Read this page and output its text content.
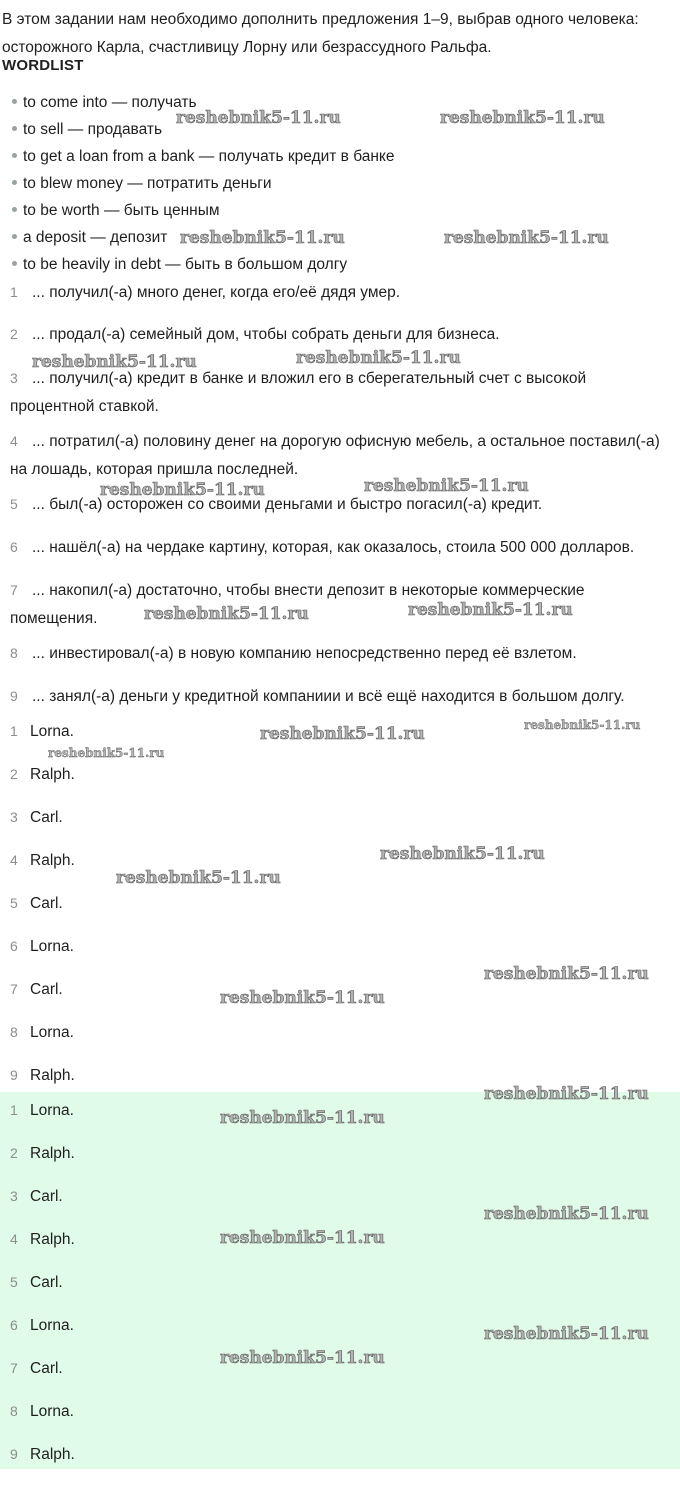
В этом задании нам необходимо дополнить предложения 1–9, выбрав одного человека: осторожного Карла, счастливицу Лорну или безрассудного Ральфа.

WORDLIST

to come into — получать
to sell — продавать
to get a loan from a bank — получать кредит в банке
to blew money — потратить деньги
to be worth — быть ценным
a deposit — депозит
to be heavily in debt — быть в большом долгу

1 ... получил(-а) много денег, когда его/её дядя умер.

2 ... продал(-а) семейный дом, чтобы собрать деньги для бизнеса.

3 ... получил(-а) кредит в банке и вложил его в сберегательный счет с высокой процентной ставкой.

4 ... потратил(-а) половину денег на дорогую офисную мебель, а остальное поставил(-а) на лошадь, которая пришла последней.

5 ... был(-а) осторожен со своими деньгами и быстро погасил(-а) кредит.

6 ... нашёл(-а) на чердаке картину, которая, как оказалось, стоила 500 000 долларов.

7 ... накопил(-а) достаточно, чтобы внести депозит в некоторые коммерческие помещения.

8 ... инвестировал(-а) в новую компанию непосредственно перед её взлетом.

9 ... занял(-а) деньги у кредитной компаниии и всё ещё находится в большом долгу.

1 Lorna.
2 Ralph.
3 Carl.
4 Ralph.
5 Carl.
6 Lorna.
7 Carl.
8 Lorna.
9 Ralph.
1 Lorna.
2 Ralph.
3 Carl.
4 Ralph.
5 Carl.
6 Lorna.
7 Carl.
8 Lorna.
9 Ralph.
reshebnik5-11.ru	reshebnik5-11.ru
reshebnik5-11.ru	reshebnik5-11.ru
reshebnik5-11.ru	reshebnik5-11.ru
reshebnik5-11.ru	reshebnik5-11.ru
reshebnik5-11.ru	reshebnik5-11.ru
reshebnik5-11.ru	reshebnik5-11.ru
reshebnik5-11.ru
reshebnik5-11.ru
reshebnik5-11.ru
reshebnik5-11.ru
reshebnik5-11.ru
reshebnik5-11.ru
reshebnik5-11.ru
reshebnik5-11.ru
reshebnik5-11.ru
reshebnik5-11.ru
reshebnik5-11.ru
